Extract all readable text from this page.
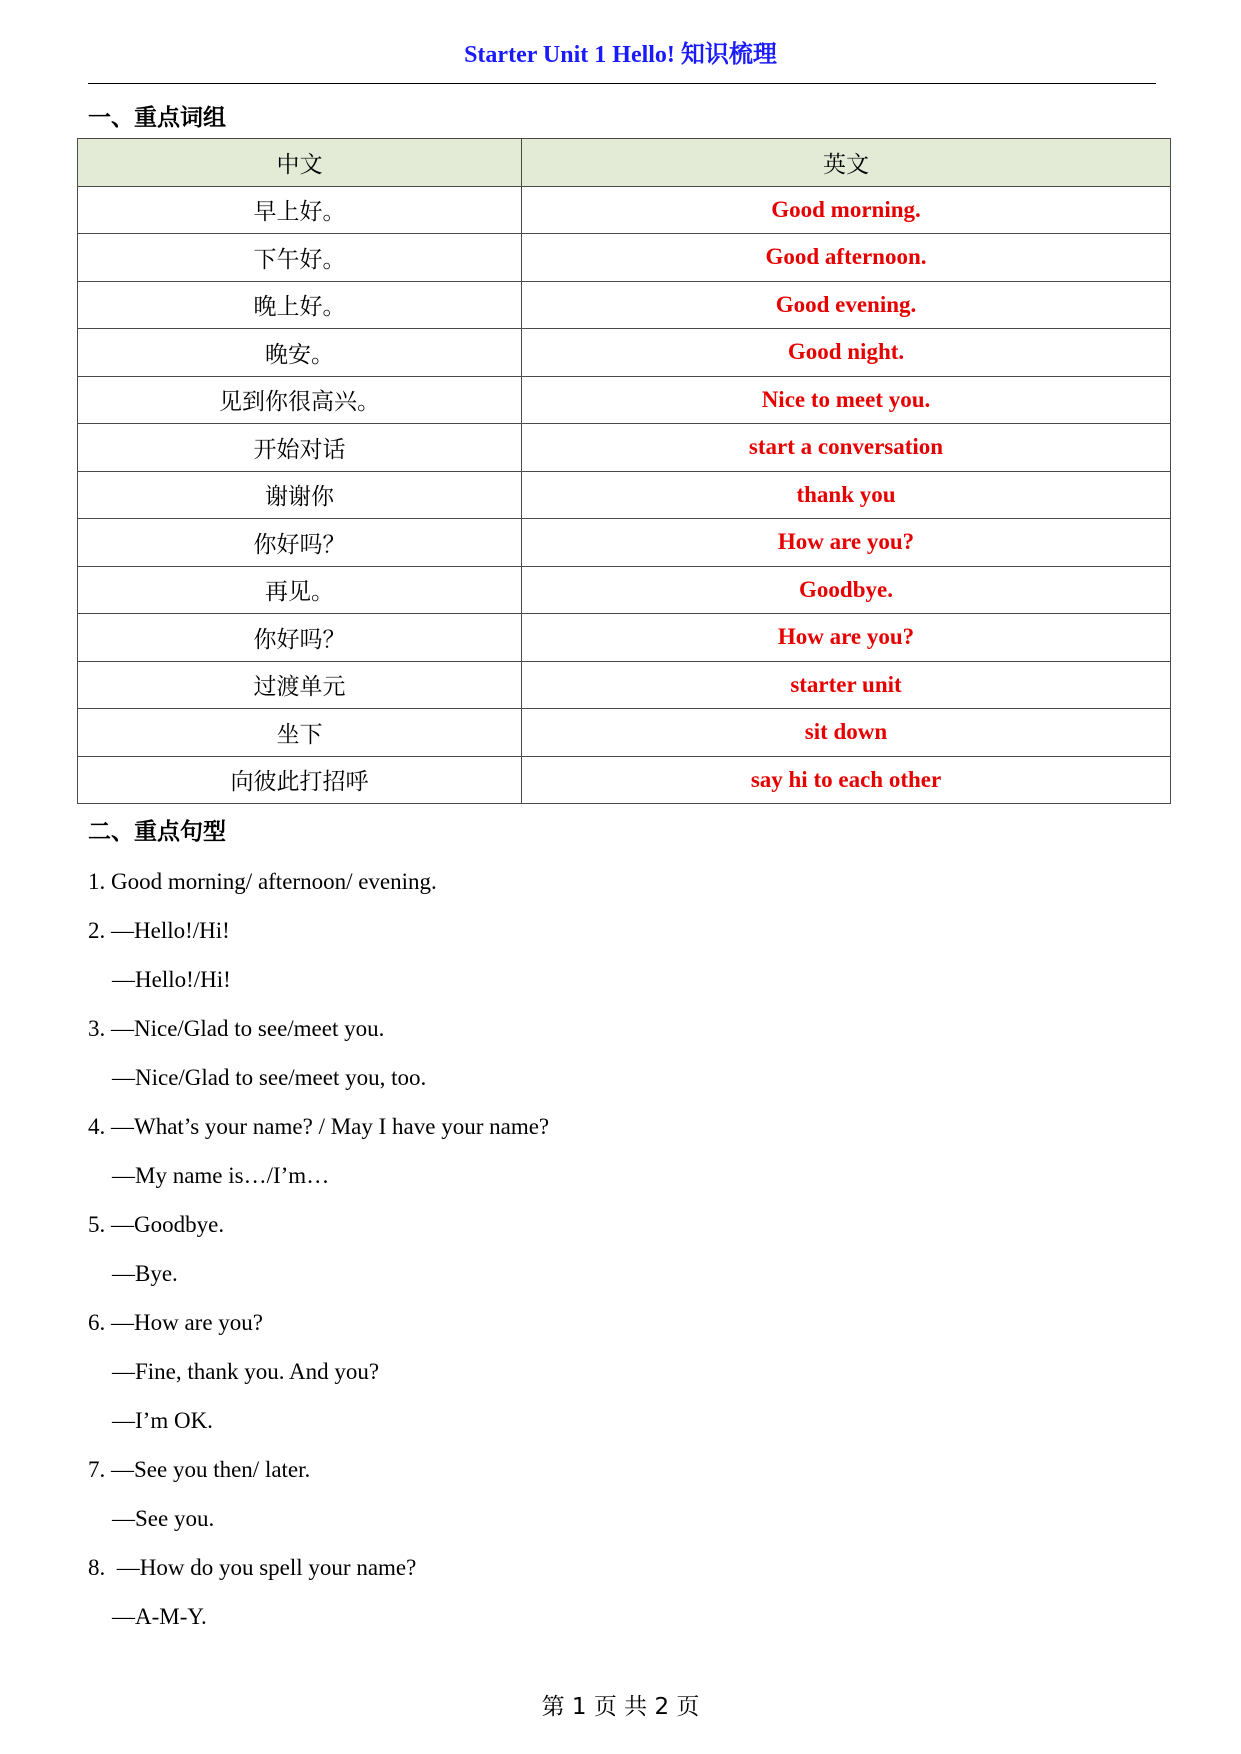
Starter Unit 1 Hello! 知识梳理
一、重点词组
中文	英文
早上好。	Good morning.
下午好。	Good afternoon.
晚上好。	Good evening.
晚安。	Good night.
见到你很高兴。	Nice to meet you.
开始对话	start a conversation
谢谢你	thank you
你好吗？	How are you?
再见。	Goodbye.
你好吗？	How are you?
过渡单元	starter unit
坐下	sit down
向彼此打招呼	say hi to each other
二、重点句型
1. Good morning/ afternoon/ evening.
2. —Hello!/Hi!
—Hello!/Hi!
3. —Nice/Glad to see/meet you.
—Nice/Glad to see/meet you, too.
4. —What’s your name? / May I have your name?
—My name is…/I’m…
5. —Goodbye.
—Bye.
6. —How are you?
—Fine, thank you. And you?
—I’m OK.
7. —See you then/ later.
—See you.
8.  —How do you spell your name?
—A-M-Y.
第 1 页 共 2 页
